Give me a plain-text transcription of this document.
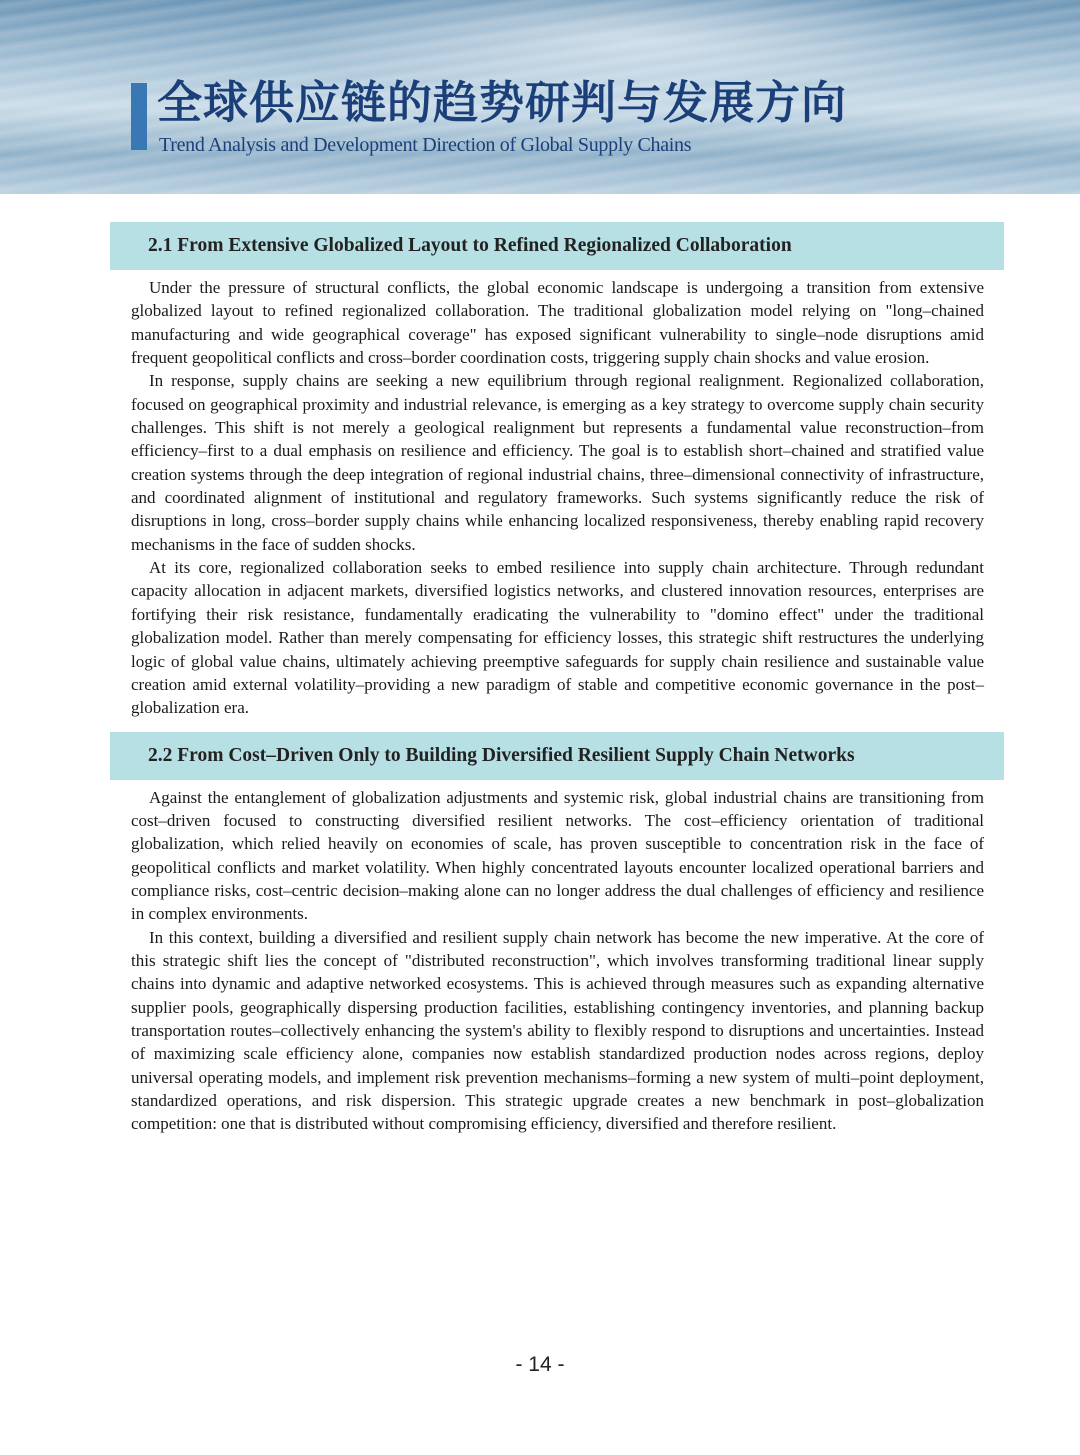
全球供应链的趋势研判与发展方向
Trend Analysis and Development Direction of Global Supply Chains
2.1 From Extensive Globalized Layout to Refined Regionalized Collaboration

Under the pressure of structural conflicts, the global economic landscape is undergoing a transition from extensive globalized layout to refined regionalized collaboration. The traditional globalization model relying on "long–chained manufacturing and wide geographical coverage" has exposed significant vulnerability to single–node disruptions amid frequent geopolitical conflicts and cross–border coordination costs, triggering supply chain shocks and value erosion.

In response, supply chains are seeking a new equilibrium through regional realignment. Regionalized collaboration, focused on geographical proximity and industrial relevance, is emerging as a key strategy to overcome supply chain security challenges. This shift is not merely a geological realignment but represents a fundamental value reconstruction–from efficiency–first to a dual emphasis on resilience and efficiency. The goal is to establish short–chained and stratified value creation systems through the deep integration of regional industrial chains, three–dimensional connectivity of infrastructure, and coordinated alignment of institutional and regulatory frameworks. Such systems significantly reduce the risk of disruptions in long, cross–border supply chains while enhancing localized responsiveness, thereby enabling rapid recovery mechanisms in the face of sudden shocks.

At its core, regionalized collaboration seeks to embed resilience into supply chain architecture. Through redundant capacity allocation in adjacent markets, diversified logistics networks, and clustered innovation resources, enterprises are fortifying their risk resistance, fundamentally eradicating the vulnerability to "domino effect" under the traditional globalization model. Rather than merely compensating for efficiency losses, this strategic shift restructures the underlying logic of global value chains, ultimately achieving preemptive safeguards for supply chain resilience and sustainable value creation amid external volatility–providing a new paradigm of stable and competitive economic governance in the post–globalization era.

2.2 From Cost–Driven Only to Building Diversified Resilient Supply Chain Networks

Against the entanglement of globalization adjustments and systemic risk, global industrial chains are transitioning from cost–driven focused to constructing diversified resilient networks. The cost–efficiency orientation of traditional globalization, which relied heavily on economies of scale, has proven susceptible to concentration risk in the face of geopolitical conflicts and market volatility. When highly concentrated layouts encounter localized operational barriers and compliance risks, cost–centric decision–making alone can no longer address the dual challenges of efficiency and resilience in complex environments.

In this context, building a diversified and resilient supply chain network has become the new imperative. At the core of this strategic shift lies the concept of "distributed reconstruction", which involves transforming traditional linear supply chains into dynamic and adaptive networked ecosystems. This is achieved through measures such as expanding alternative supplier pools, geographically dispersing production facilities, establishing contingency inventories, and planning backup transportation routes–collectively enhancing the system's ability to flexibly respond to disruptions and uncertainties. Instead of maximizing scale efficiency alone, companies now establish standardized production nodes across regions, deploy universal operating models, and implement risk prevention mechanisms–forming a new system of multi–point deployment, standardized operations, and risk dispersion. This strategic upgrade creates a new benchmark in post–globalization competition: one that is distributed without compromising efficiency, diversified and therefore resilient.

- 14 -
